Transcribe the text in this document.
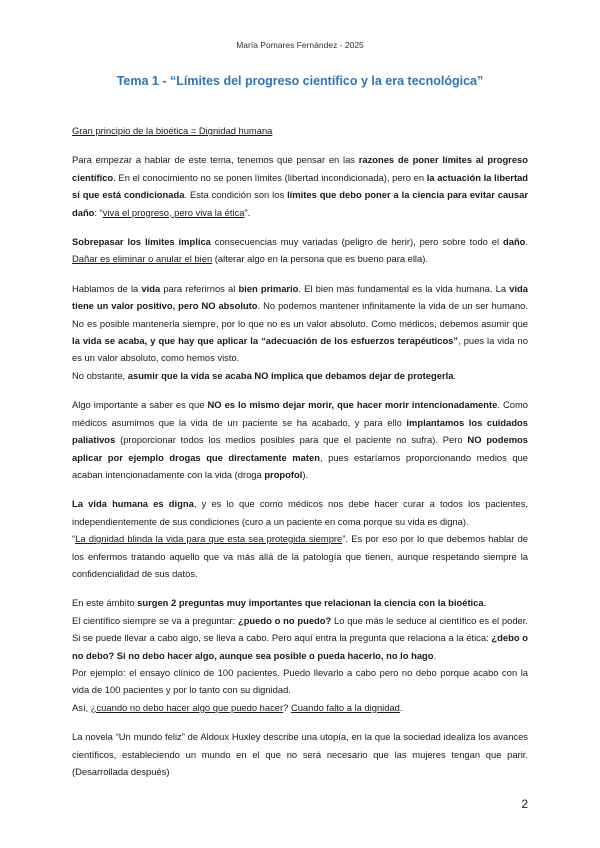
María Pomares Fernández - 2025
Tema 1 - “Límites del progreso científico y la era tecnológica”

Gran principio de la bioética = Dignidad humana

Para empezar a hablar de este tema, tenemos que pensar en las razones de poner límites al progreso científico. En el conocimiento no se ponen límites (libertad incondicionada), pero en la actuación la libertad sí que está condicionada. Esta condición son los límites que debo poner a la ciencia para evitar causar daño: “viva el progreso, pero viva la ética”.

Sobrepasar los límites implica consecuencias muy variadas (peligro de herir), pero sobre todo el daño. Dañar es eliminar o anular el bien (alterar algo en la persona que es bueno para ella).

Hablamos de la vida para referirnos al bien primario. El bien más fundamental es la vida humana. La vida tiene un valor positivo, pero NO absoluto. No podemos mantener infinitamente la vida de un ser humano. No es posible mantenerla siempre, por lo que no es un valor absoluto. Como médicos, debemos asumir que la vida se acaba, y que hay que aplicar la “adecuación de los esfuerzos terapéuticos”, pues la vida no es un valor absoluto, como hemos visto.

No obstante, asumir que la vida se acaba NO implica que debamos dejar de protegerla.

Algo importante a saber es que NO es lo mismo dejar morir, que hacer morir intencionadamente. Como médicos asumimos que la vida de un paciente se ha acabado, y para ello implantamos los cuidados paliativos (proporcionar todos los medios posibles para que el paciente no sufra). Pero NO podemos aplicar por ejemplo drogas que directamente maten, pues estaríamos proporcionando medios que acaban intencionadamente con la vida (droga propofol).

La vida humana es digna, y es lo que como médicos nos debe hacer curar a todos los pacientes, independientemente de sus condiciones (curo a un paciente en coma porque su vida es digna).

“La dignidad blinda la vida para que esta sea protegida siempre”. Es por eso por lo que debemos hablar de los enfermos tratando aquello que va más allá de la patología que tienen, aunque respetando siempre la confidencialidad de sus datos.

En este ámbito surgen 2 preguntas muy importantes que relacionan la ciencia con la bioética.

El científico siempre se va a preguntar: ¿puedo o no puedo? Lo que más le seduce al científico es el poder. Si se puede llevar a cabo algo, se lleva a cabo. Pero aquí entra la pregunta que relaciona a la ética: ¿debo o no debo? Si no debo hacer algo, aunque sea posible o pueda hacerlo, no lo hago.

Por ejemplo: el ensayo clínico de 100 pacientes. Puedo llevarlo a cabo pero no debo porque acabo con la vida de 100 pacientes y por lo tanto con su dignidad.

Así, ¿cuando no debo hacer algo que puedo hacer? Cuando falto a la dignidad.

La novela “Un mundo feliz” de Aldoux Huxley describe una utopía, en la que la sociedad idealiza los avances científicos, estableciendo un mundo en el que no será necesario que las mujeres tengan que parir. (Desarrollada después)

2
